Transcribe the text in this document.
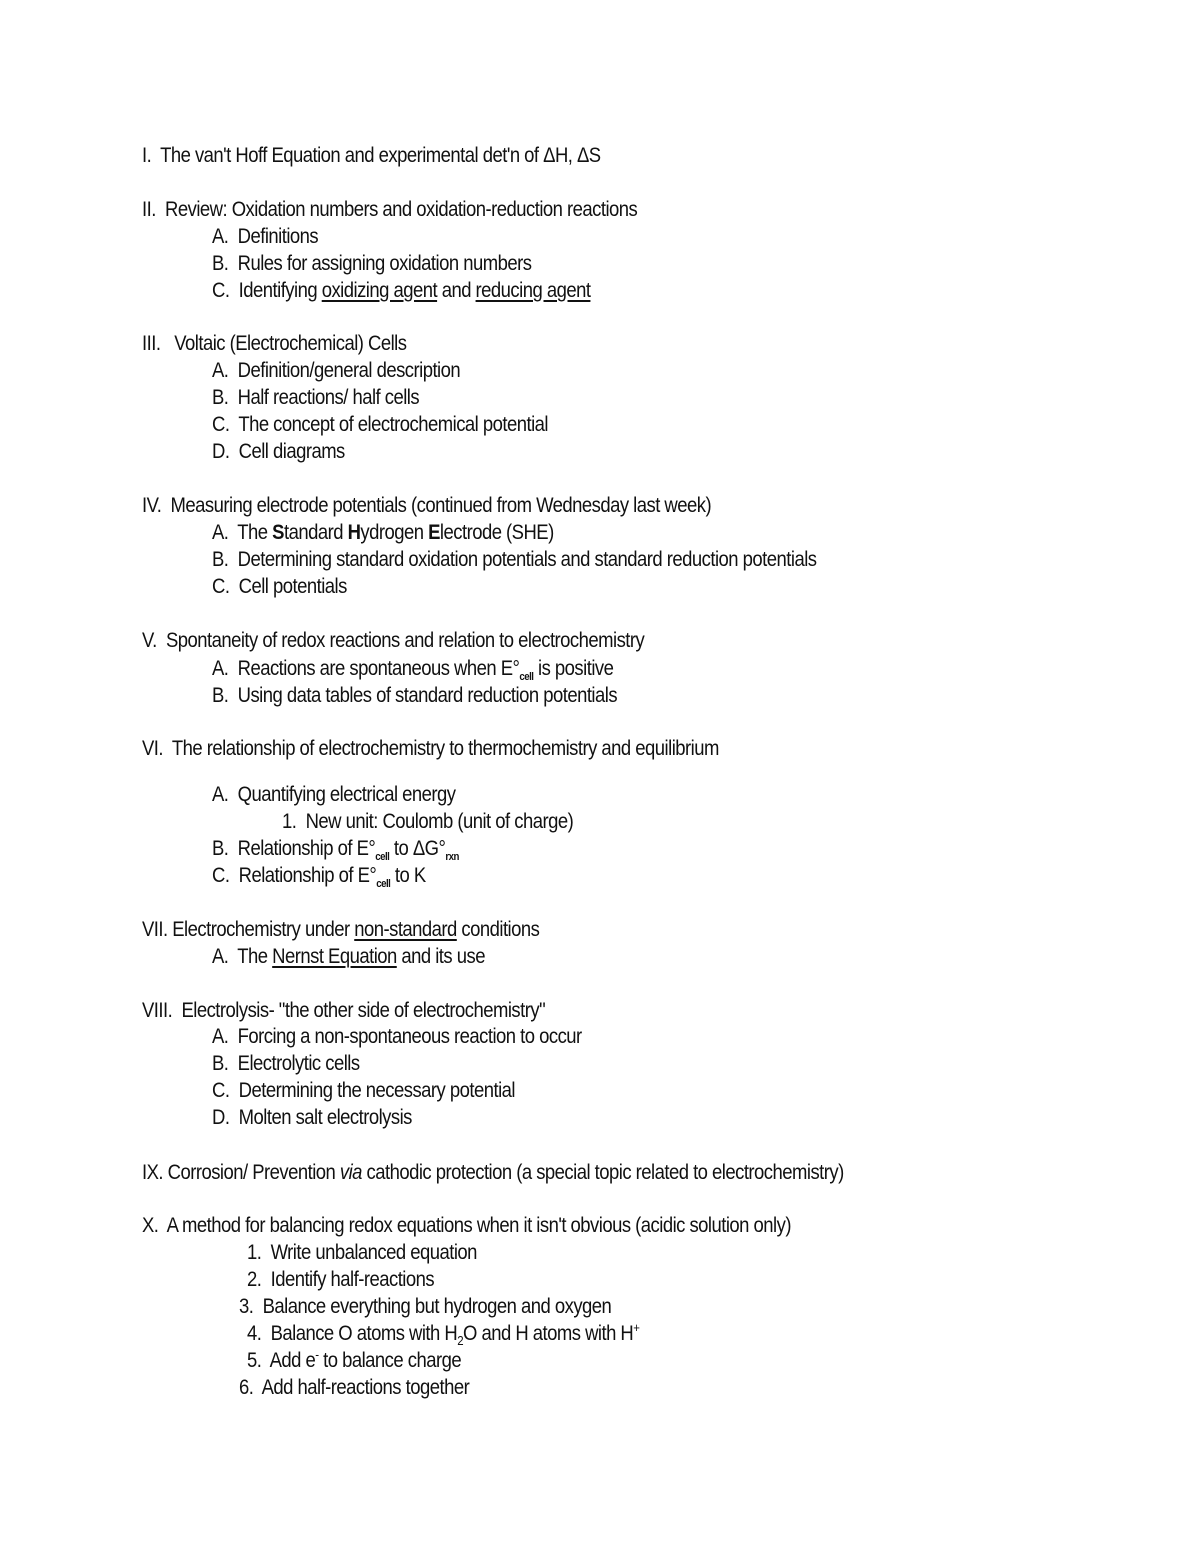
I. The van't Hoff Equation and experimental det'n of ΔH, ΔS
II. Review: Oxidation numbers and oxidation-reduction reactions
A. Definitions
B. Rules for assigning oxidation numbers
C. Identifying oxidizing agent and reducing agent
III. Voltaic (Electrochemical) Cells
A. Definition/general description
B. Half reactions/ half cells
C. The concept of electrochemical potential
D. Cell diagrams
IV. Measuring electrode potentials (continued from Wednesday last week)
A. The Standard Hydrogen Electrode (SHE)
B. Determining standard oxidation potentials and standard reduction potentials
C. Cell potentials
V. Spontaneity of redox reactions and relation to electrochemistry
A. Reactions are spontaneous when $E^\circ_{cell}$ is positive
B. Using data tables of standard reduction potentials
VI. The relationship of electrochemistry to thermochemistry and equilibrium
A. Quantifying electrical energy
1. New unit: Coulomb (unit of charge)
B. Relationship of $E^\circ_{cell}$ to $\Delta G^\circ_{rxn}$
C. Relationship of $E^\circ_{cell}$ to K
VII. Electrochemistry under non-standard conditions
A. The Nernst Equation and its use
VIII. Electrolysis- "the other side of electrochemistry"
A. Forcing a non-spontaneous reaction to occur
B. Electrolytic cells
C. Determining the necessary potential
D. Molten salt electrolysis
IX. Corrosion/ Prevention via cathodic protection (a special topic related to electrochemistry)
X. A method for balancing redox equations when it isn't obvious (acidic solution only)
1. Write unbalanced equation
2. Identify half-reactions
3. Balance everything but hydrogen and oxygen
4. Balance O atoms with $H_2O$ and H atoms with H+
5. Add e- to balance charge
6. Add half-reactions together
